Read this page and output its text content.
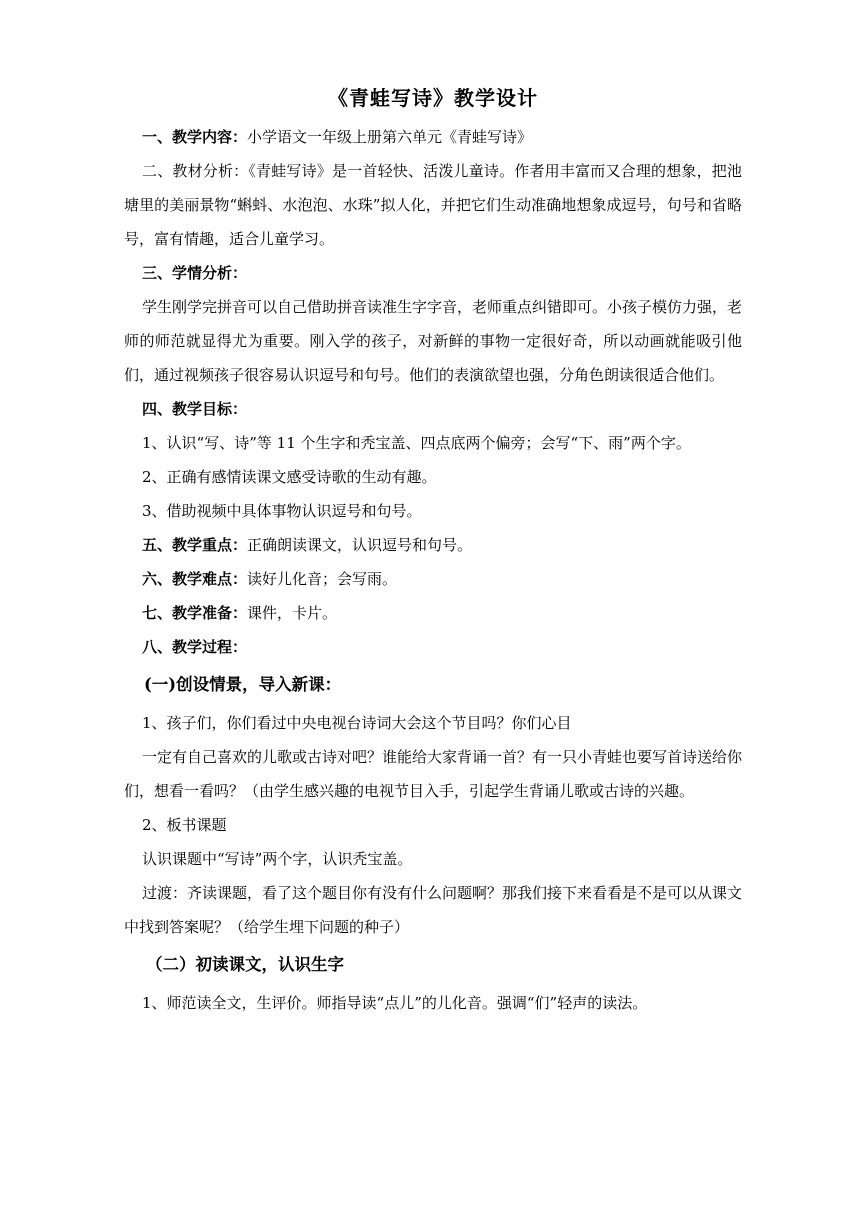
《青蛙写诗》教学设计

一、教学内容：小学语文一年级上册第六单元《青蛙写诗》

二、教材分析：《青蛙写诗》是一首轻快、活泼儿童诗。作者用丰富而又合理的想象，把池塘里的美丽景物“蝌蚪、水泡泡、水珠”拟人化，并把它们生动准确地想象成逗号，句号和省略号，富有情趣，适合儿童学习。

三、学情分析：

学生刚学完拼音可以自己借助拼音读准生字字音，老师重点纠错即可。小孩子模仿力强，老师的师范就显得尤为重要。刚入学的孩子，对新鲜的事物一定很好奇，所以动画就能吸引他们，通过视频孩子很容易认识逗号和句号。他们的表演欲望也强，分角色朗读很适合他们。

四、教学目标：

1、认识“写、诗”等 11 个生字和秃宝盖、四点底两个偏旁；会写“下、雨”两个字。

2、正确有感情读课文感受诗歌的生动有趣。

3、借助视频中具体事物认识逗号和句号。

五、教学重点：正确朗读课文，认识逗号和句号。

六、教学难点：读好儿化音；会写雨。

七、教学准备：课件，卡片。

八、教学过程：

(一)创设情景，导入新课：

1、孩子们，你们看过中央电视台诗词大会这个节目吗？你们心目

一定有自己喜欢的儿歌或古诗对吧？谁能给大家背诵一首？有一只小青蛙也要写首诗送给你们，想看一看吗？（由学生感兴趣的电视节目入手，引起学生背诵儿歌或古诗的兴趣。

2、板书课题

认识课题中“写诗”两个字，认识秃宝盖。

过渡：齐读课题，看了这个题目你有没有什么问题啊？那我们接下来看看是不是可以从课文中找到答案呢？（给学生埋下问题的种子）

（二）初读课文，认识生字

1、师范读全文，生评价。师指导读“点儿”的儿化音。强调“们”轻声的读法。
